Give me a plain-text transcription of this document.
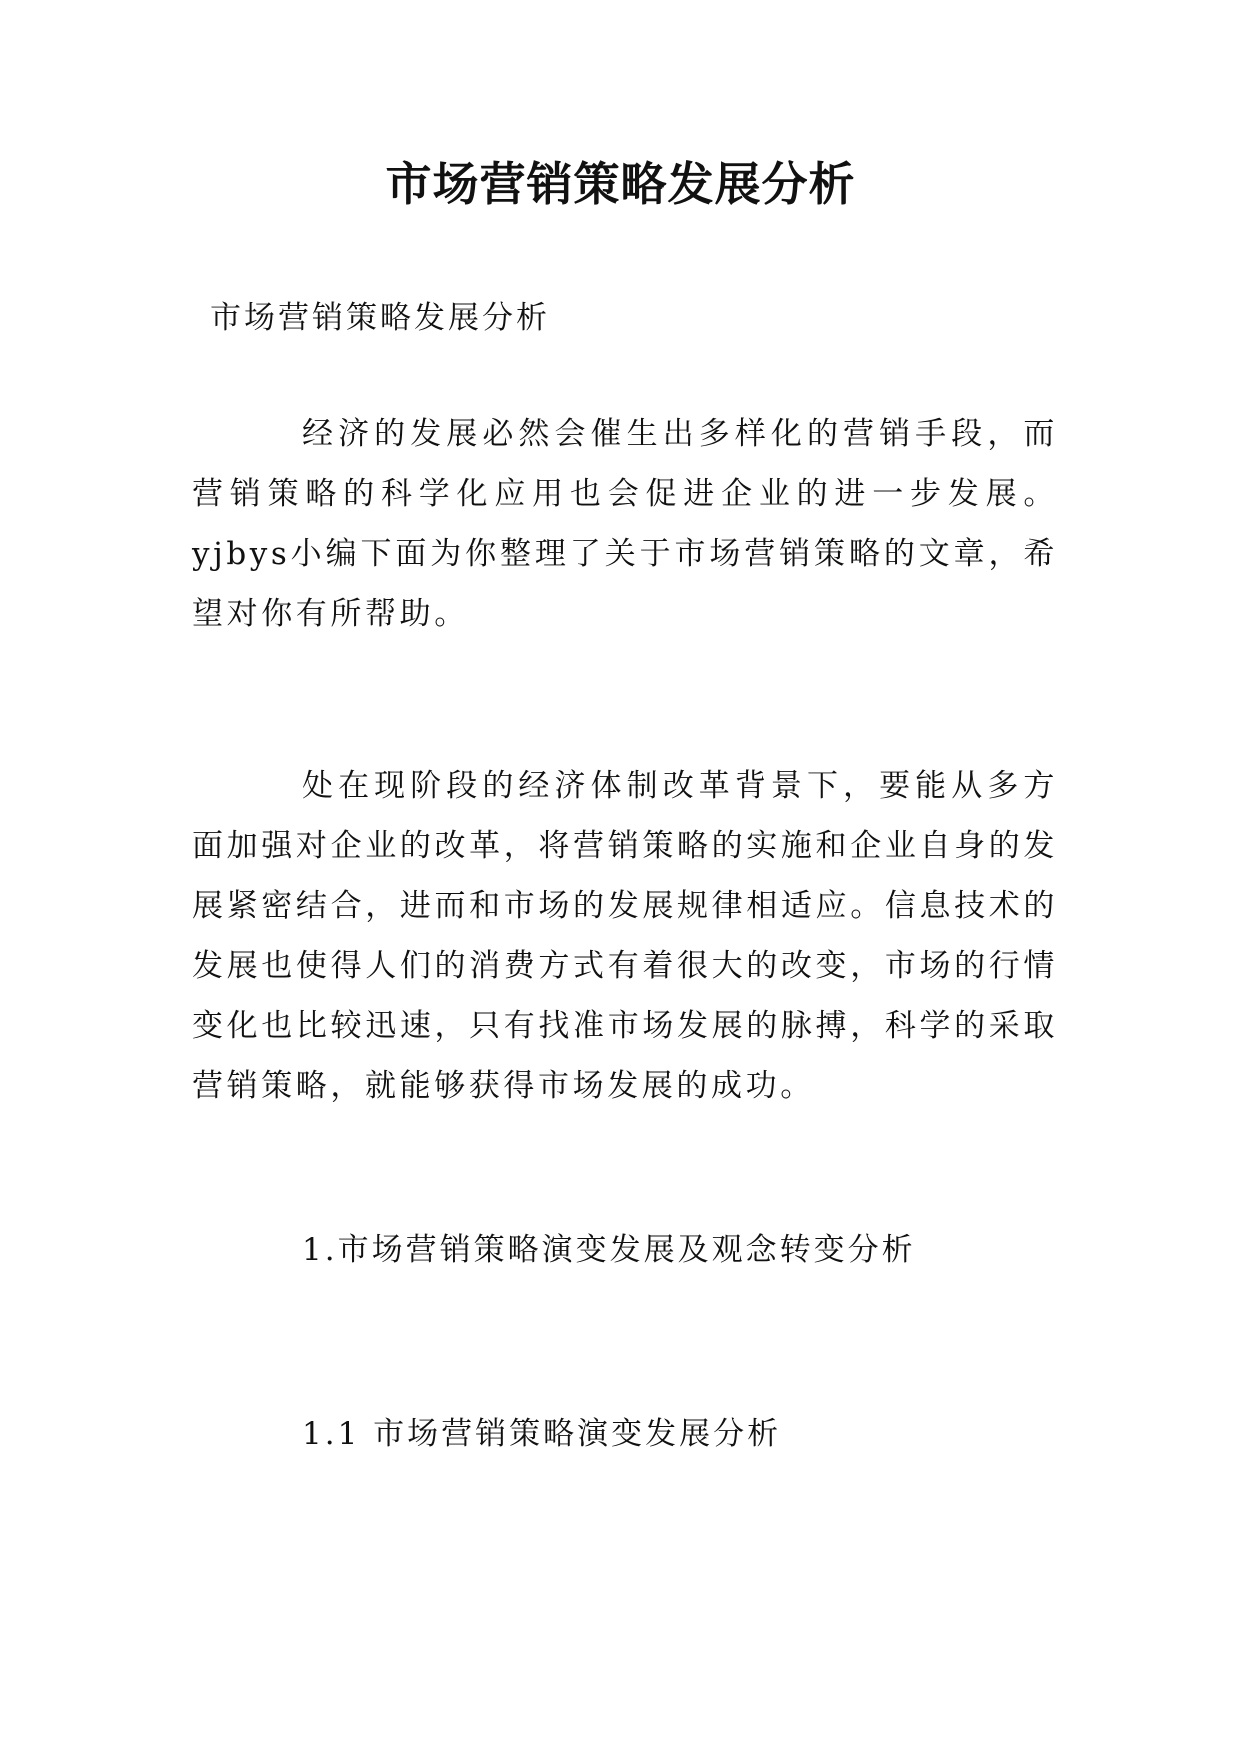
市场营销策略发展分析

市场营销策略发展分析

经济的发展必然会催生出多样化的营销手段，而营销策略的科学化应用也会促进企业的进一步发展。yjbys小编下面为你整理了关于市场营销策略的文章，希望对你有所帮助。

处在现阶段的经济体制改革背景下，要能从多方面加强对企业的改革，将营销策略的实施和企业自身的发展紧密结合，进而和市场的发展规律相适应。信息技术的发展也使得人们的消费方式有着很大的改变，市场的行情变化也比较迅速，只有找准市场发展的脉搏，科学的采取营销策略，就能够获得市场发展的成功。

1.市场营销策略演变发展及观念转变分析
1.1 市场营销策略演变发展分析
